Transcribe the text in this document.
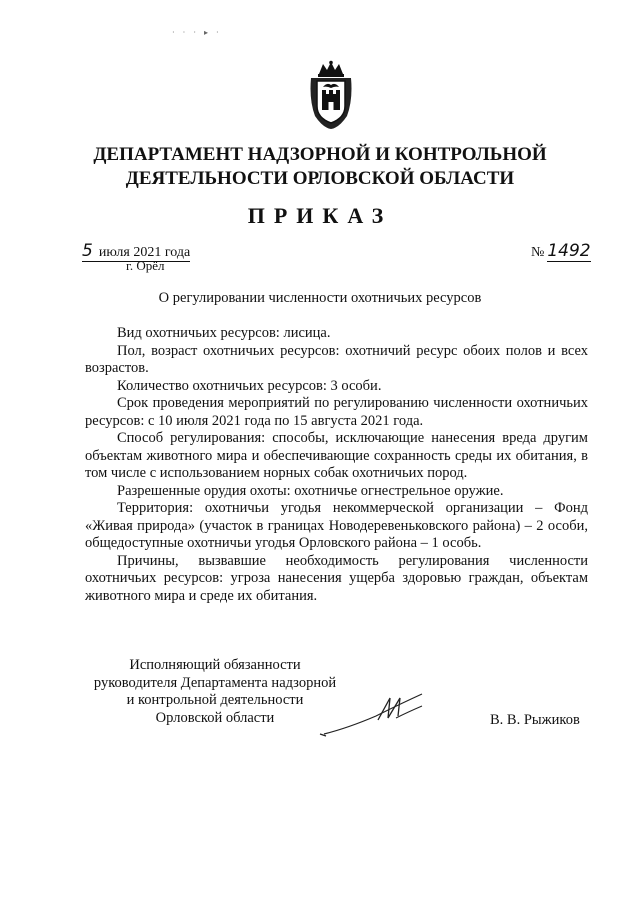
· · · ▸ ·
ДЕПАРТАМЕНТ НАДЗОРНОЙ И КОНТРОЛЬНОЙ
ДЕЯТЕЛЬНОСТИ ОРЛОВСКОЙ ОБЛАСТИ
ПРИКАЗ
5 июля 2021 года
г. Орёл
№ 1492
О регулировании численности охотничьих ресурсов

Вид охотничьих ресурсов: лисица.

Пол, возраст охотничьих ресурсов: охотничий ресурс обоих полов и всех возрастов.

Количество охотничьих ресурсов: 3 особи.

Срок проведения мероприятий по регулированию численности охотничьих ресурсов: с 10 июля 2021 года по 15 августа 2021 года.

Способ регулирования: способы, исключающие нанесения вреда другим объектам животного мира и обеспечивающие сохранность среды их обитания, в том числе с использованием норных собак охотничьих пород.

Разрешенные орудия охоты: охотничье огнестрельное оружие.

Территория: охотничьи угодья некоммерческой организации – Фонд «Живая природа» (участок в границах Новодеревеньковского района) – 2 особи, общедоступные охотничьи угодья Орловского района – 1 особь.

Причины, вызвавшие необходимость регулирования численности охотничьих ресурсов: угроза нанесения ущерба здоровью граждан, объектам животного мира и среде их обитания.

Исполняющий обязанности
руководителя Департамента надзорной
и контрольной деятельности
Орловской области	В. В. Рыжиков
